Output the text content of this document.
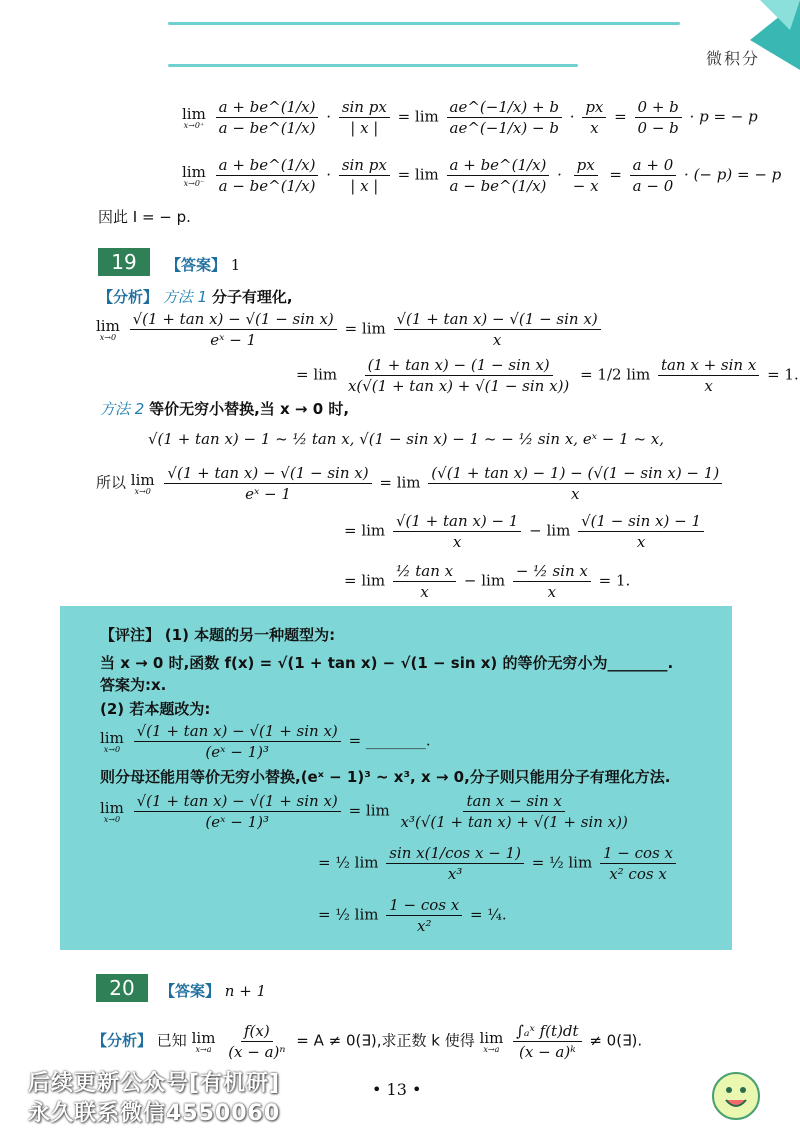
微积分
lim
x→0⁺
$\frac{a + be\^{}(1/x)}{a - be\^{}(1/x)} \cdot \frac{\text{sin px}}{| x |} = \lim \frac{ae\^{}(-1/x) + b}{ae\^{}(-1/x) - b} \cdot \frac{px}{x} = \frac{0 + b}{0 - b} \cdot p$ = − p
lim
x→0⁻
$\frac{a + be\^{}(1/x)}{a - be\^{}(1/x)} \cdot \frac{\text{sin px}}{| x |} = \lim \frac{a + be\^{}(1/x)}{a - be\^{}(1/x)} \cdot \frac{px}{- x} = \frac{a + 0}{a - 0}$ · (− p) = − p
因此 I = − p.
19	【答案】 1
【分析】 方法 1 分子有理化,
lim
x→0
$\frac{\text{√(1 + tan x) − √(1 − sin x)}}{\text{eˣ − 1}} = \lim \frac{\text{√(1 + tan x) − √(1 − sin x)}}{x}$
= $\lim \frac{\text{(1 + tan x) − (1 − sin x)}}{\text{x(√(1 + tan x) + √(1 − sin x))}} = 1/2$ $\lim \frac{\text{tan x + sin x}}{x} = 1$.
方法 2 等价无穷小替换,当 x → 0 时,
√(1 + tan x) − 1 ~ ½ tan x, √(1 − sin x) − 1 ~ − ½ sin x, eˣ − 1 ~ x,
所以 lim
x→0
$\frac{\text{√(1 + tan x) − √(1 − sin x)}}{\text{eˣ − 1}} = \lim \frac{\text{(√(1 + tan x) − 1) − (√(1 − sin x) − 1)}}{x}$
= $\lim \frac{\text{√(1 + tan x) − 1}}{x} - \lim \frac{\text{√(1 − sin x) − 1}}{x}$
= $\lim \frac{\text{½ tan x}}{x} - \lim \frac{\text{− ½ sin x}}{x} = 1$.
【评注】 (1) 本题的另一种题型为:
当 x → 0 时,函数 f(x) = √(1 + tan x) − √(1 − sin x) 的等价无穷小为________.
答案为:x.
(2) 若本题改为:
lim
x→0
$\frac{\text{√(1 + tan x) − √(1 + sin x)}}{\text{(eˣ − 1)³}}$ = ________.
则分母还能用等价无穷小替换,(eˣ − 1)³ ~ x³, x → 0,分子则只能用分子有理化方法.
lim
x→0
$\frac{\text{√(1 + tan x) − √(1 + sin x)}}{\text{(eˣ − 1)³}} = \lim \frac{\text{tan x − sin x}}{\text{x³(√(1 + tan x) + √(1 + sin x))}}$
= ½ $\lim \frac{\text{sin x(1/cos x − 1)}}{\text{x³}}$ = ½ $\lim \frac{\text{1 − cos x}}{\text{x² cos x}}$
= ½ $\lim \frac{\text{1 − cos x}}{\text{x²}}$ = ¼.
20	【答案】 n + 1
【分析】 已知 lim
x→a
$\frac{f(x)}{\text{(x − a)ⁿ}} = A$ ≠ 0(∃),求正数 k 使得 lim
x→a
$\frac{\text{∫ₐˣ f(t)dt}}{\text{(x − a)ᵏ}}$ ≠ 0(∃).
• 13 •
后续更新公众号[有机研]
永久联系微信4550060
